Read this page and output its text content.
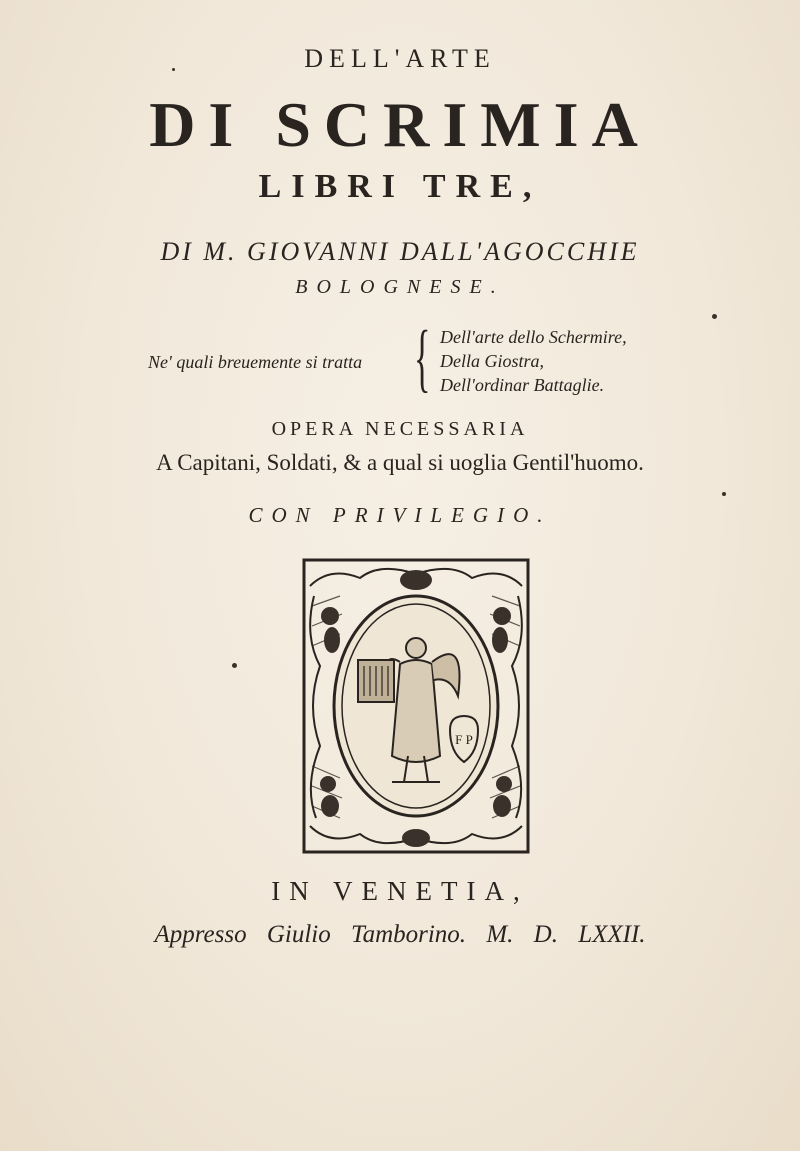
DELL'ARTE
DI SCRIMIA
LIBRI TRE,
DI M. GIOVANNI DALL'AGOCCHIE
BOLOGNESE.
Ne' quali breuemente si tratta { Dell'arte dello Schermire,
Della Giostra,
Dell'ordinar Battaglie.
OPERA NECESSARIA
A Capitani, Soldati, & a qual si uoglia Gentil'huomo.
CON PRIVILEGIO.
F P
IN VENETIA,
Appresso Giulio Tamborino. M. D. LXXII.
